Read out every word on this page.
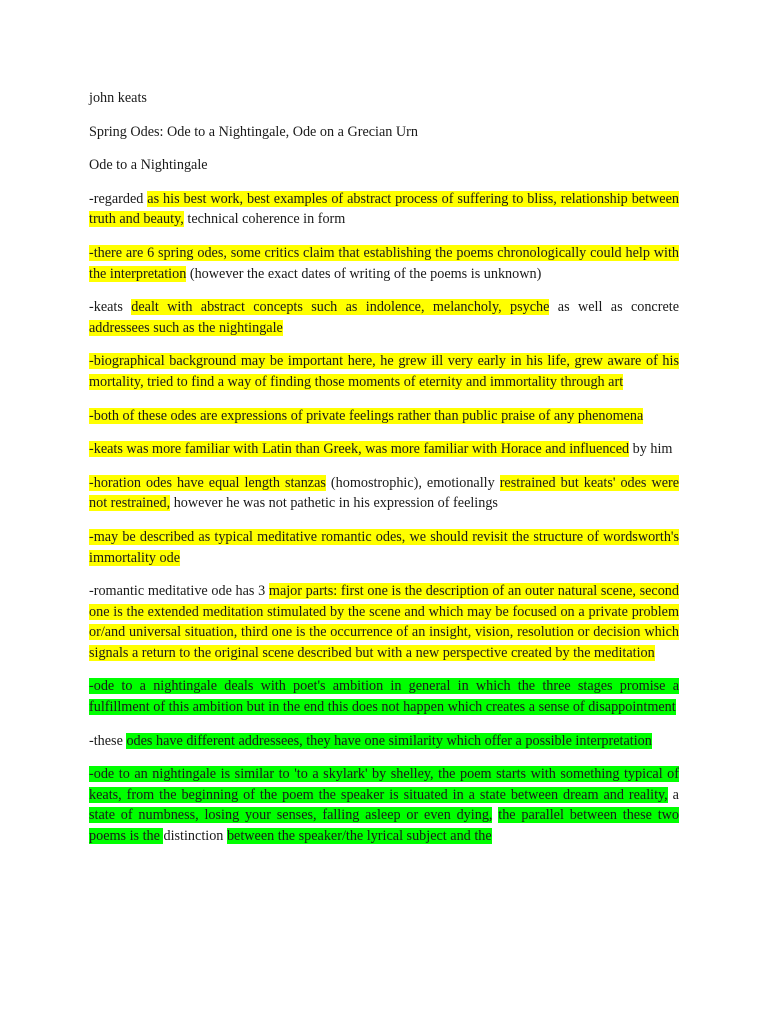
john keats
Spring Odes: Ode to a Nightingale, Ode on a Grecian Urn
Ode to a Nightingale
-regarded as his best work, best examples of abstract process of suffering to bliss, relationship between truth and beauty, technical coherence in form
-there are 6 spring odes, some critics claim that establishing the poems chronologically could help with the interpretation (however the exact dates of writing of the poems is unknown)
-keats dealt with abstract concepts such as indolence, melancholy, psyche as well as concrete addressees such as the nightingale
-biographical background may be important here, he grew ill very early in his life, grew aware of his mortality, tried to find a way of finding those moments of eternity and immortality through art
-both of these odes are expressions of private feelings rather than public praise of any phenomena
-keats was more familiar with Latin than Greek, was more familiar with Horace and influenced by him
-horation odes have equal length stanzas (homostrophic), emotionally restrained but keats' odes were not restrained, however he was not pathetic in his expression of feelings
-may be described as typical meditative romantic odes, we should revisit the structure of wordsworth's immortality ode
-romantic meditative ode has 3 major parts: first one is the description of an outer natural scene, second one is the extended meditation stimulated by the scene and which may be focused on a private problem or/and universal situation, third one is the occurrence of an insight, vision, resolution or decision which signals a return to the original scene described but with a new perspective created by the meditation
-ode to a nightingale deals with poet's ambition in general in which the three stages promise a fulfillment of this ambition but in the end this does not happen which creates a sense of disappointment
-these odes have different addressees, they have one similarity which offer a possible interpretation
-ode to an nightingale is similar to 'to a skylark' by shelley, the poem starts with something typical of keats, from the beginning of the poem the speaker is situated in a state between dream and reality, a state of numbness, losing your senses, falling asleep or even dying, the parallel between these two poems is the distinction between the speaker/the lyrical subject and the
